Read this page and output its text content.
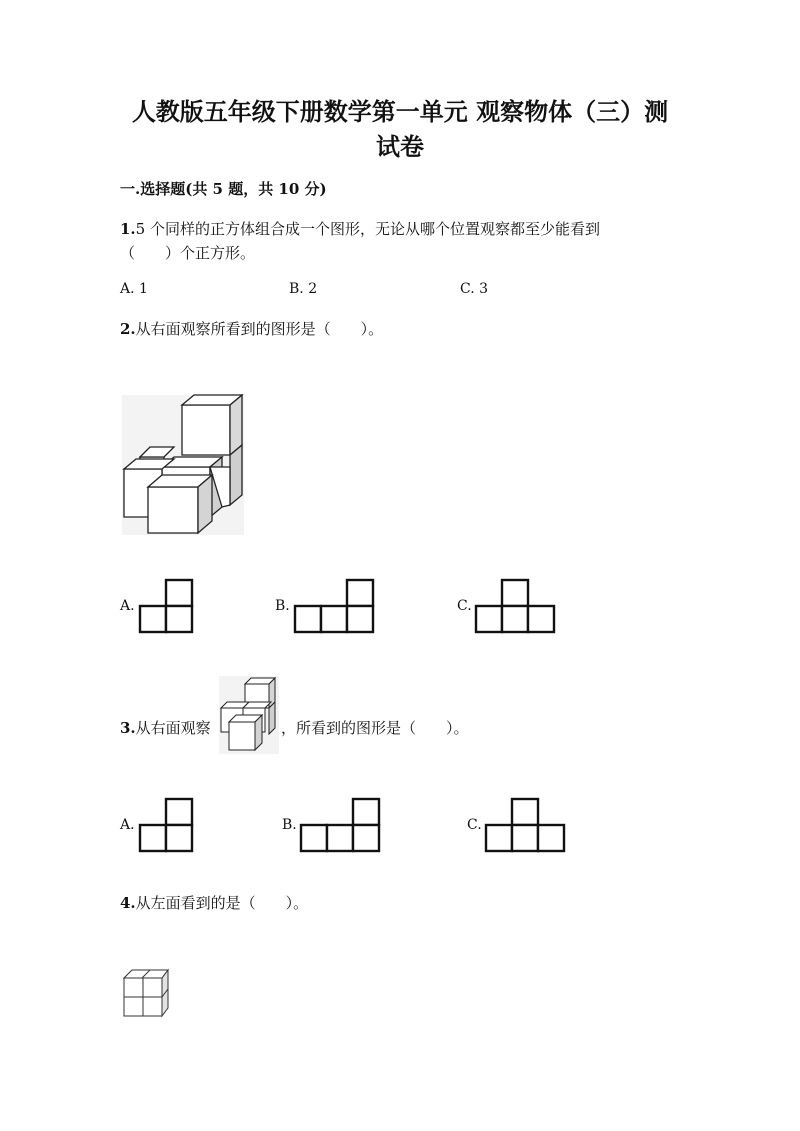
人教版五年级下册数学第一单元 观察物体（三）测
试卷
一.选择题(共 5 题，共 10 分)
1.5 个同样的正方体组合成一个图形，无论从哪个位置观察都至少能看到
（　　）个正方形。
A. 1	B. 2	C. 3
2.从右面观察所看到的图形是（　　）。
A.	B.	C.
3.从右面观察	，所看到的图形是（　　）。
A.	B.	C.
4.从左面看到的是（　　）。
